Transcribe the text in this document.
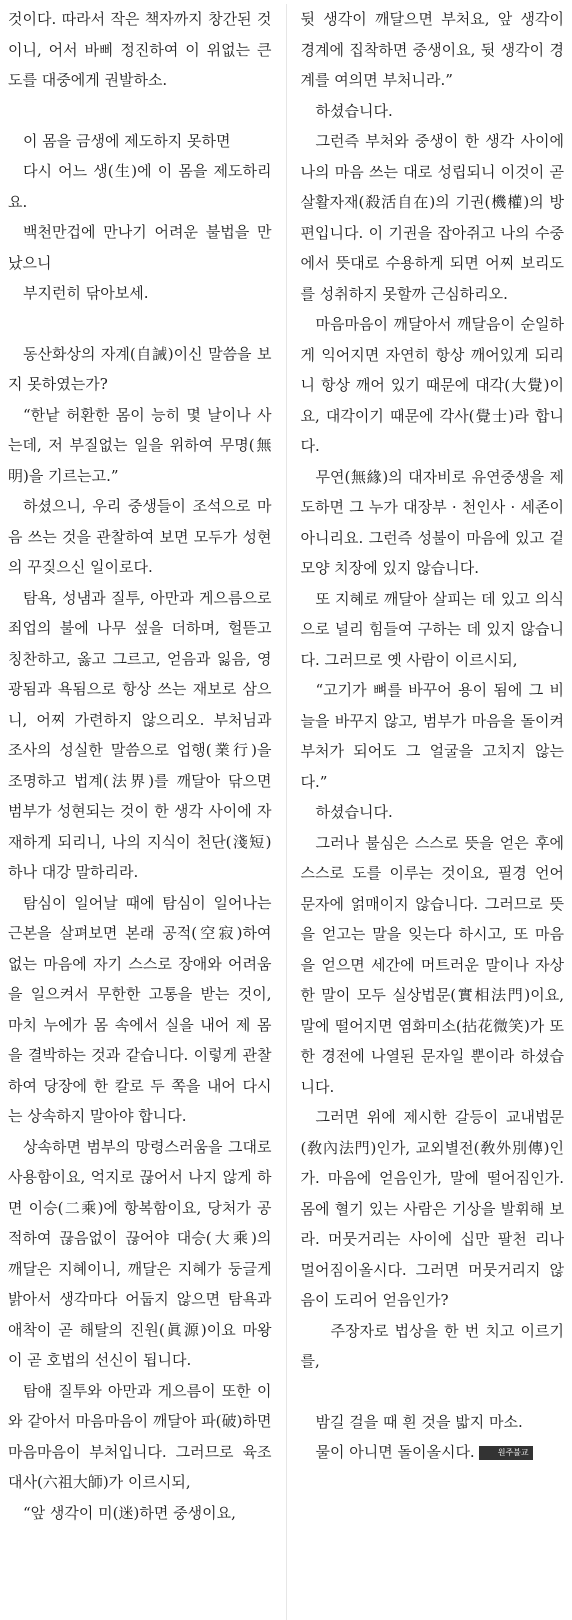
것이다. 따라서 작은 책자까지 창간된 것이니, 어서 바삐 정진하여 이 위없는 큰 도를 대중에게 권발하소.

이 몸을 금생에 제도하지 못하면

다시 어느 생(生)에 이 몸을 제도하리요.

백천만겁에 만나기 어려운 불법을 만났으니

부지런히 닦아보세.

동산화상의 자계(自誡)이신 말씀을 보지 못하였는가?

“한낱 허환한 몸이 능히 몇 날이나 사는데, 저 부질없는 일을 위하여 무명(無明)을 기르는고.”

하셨으니, 우리 중생들이 조석으로 마음 쓰는 것을 관찰하여 보면 모두가 성현의 꾸짖으신 일이로다.

탐욕, 성냄과 질투, 아만과 게으름으로 죄업의 불에 나무 섶을 더하며, 헐뜯고 칭찬하고, 옳고 그르고, 얻음과 잃음, 영광됨과 욕됨으로 항상 쓰는 재보로 삼으니, 어찌 가련하지 않으리오. 부처님과 조사의 성실한 말씀으로 업행(業行)을 조명하고 법계(法界)를 깨달아 닦으면 범부가 성현되는 것이 한 생각 사이에 자재하게 되리니, 나의 지식이 천단(淺短)하나 대강 말하리라.

탐심이 일어날 때에 탐심이 일어나는 근본을 살펴보면 본래 공적(空寂)하여 없는 마음에 자기 스스로 장애와 어려움을 일으켜서 무한한 고통을 받는 것이, 마치 누에가 몸 속에서 실을 내어 제 몸을 결박하는 것과 같습니다. 이렇게 관찰하여 당장에 한 칼로 두 쪽을 내어 다시는 상속하지 말아야 합니다.

상속하면 범부의 망령스러움을 그대로 사용함이요, 억지로 끊어서 나지 않게 하면 이승(二乘)에 항복함이요, 당처가 공적하여 끊음없이 끊어야 대승(大乘)의 깨달은 지혜이니, 깨달은 지혜가 둥글게 밝아서 생각마다 어둡지 않으면 탐욕과 애착이 곧 해탈의 진원(眞源)이요 마왕이 곧 호법의 선신이 됩니다.

탐애 질투와 아만과 게으름이 또한 이와 같아서 마음마음이 깨달아 파(破)하면 마음마음이 부처입니다. 그러므로 육조대사(六祖大師)가 이르시되,

“앞 생각이 미(迷)하면 중생이요,

뒷 생각이 깨달으면 부처요, 앞 생각이 경계에 집착하면 중생이요, 뒷 생각이 경계를 여의면 부처니라.”

하셨습니다.

그런즉 부처와 중생이 한 생각 사이에 나의 마음 쓰는 대로 성립되니 이것이 곧 살활자재(殺活自在)의 기권(機權)의 방편입니다. 이 기권을 잡아쥐고 나의 수중에서 뜻대로 수용하게 되면 어찌 보리도를 성취하지 못할까 근심하리오.

마음마음이 깨달아서 깨달음이 순일하게 익어지면 자연히 항상 깨어있게 되리니 항상 깨어 있기 때문에 대각(大覺)이요, 대각이기 때문에 각사(覺士)라 합니다.

무연(無緣)의 대자비로 유연중생을 제도하면 그 누가 대장부 · 천인사 · 세존이 아니리요. 그런즉 성불이 마음에 있고 겉모양 치장에 있지 않습니다.

또 지혜로 깨달아 살피는 데 있고 의식으로 널리 힘들여 구하는 데 있지 않습니다. 그러므로 옛 사람이 이르시되,

“고기가 뼈를 바꾸어 용이 됨에 그 비늘을 바꾸지 않고, 범부가 마음을 돌이켜 부처가 되어도 그 얼굴을 고치지 않는다.”

하셨습니다.

그러나 불심은 스스로 뜻을 얻은 후에 스스로 도를 이루는 것이요, 필경 언어 문자에 얽매이지 않습니다. 그러므로 뜻을 얻고는 말을 잊는다 하시고, 또 마음을 얻으면 세간에 머트러운 말이나 자상한 말이 모두 실상법문(實相法門)이요, 말에 떨어지면 염화미소(拈花微笑)가 또한 경전에 나열된 문자일 뿐이라 하셨습니다.

그러면 위에 제시한 갈등이 교내법문(敎內法門)인가, 교외별전(敎外別傳)인가. 마음에 얻음인가, 말에 떨어짐인가. 몸에 혈기 있는 사람은 기상을 발휘해 보라. 머뭇거리는 사이에 십만 팔천 리나 멀어짐이올시다. 그러면 머뭇거리지 않음이 도리어 얻음인가?

주장자로 법상을 한 번 치고 이르기를,

밤길 걸을 때 흰 것을 밟지 마소.

물이 아니면 돌이올시다.	원주불교
